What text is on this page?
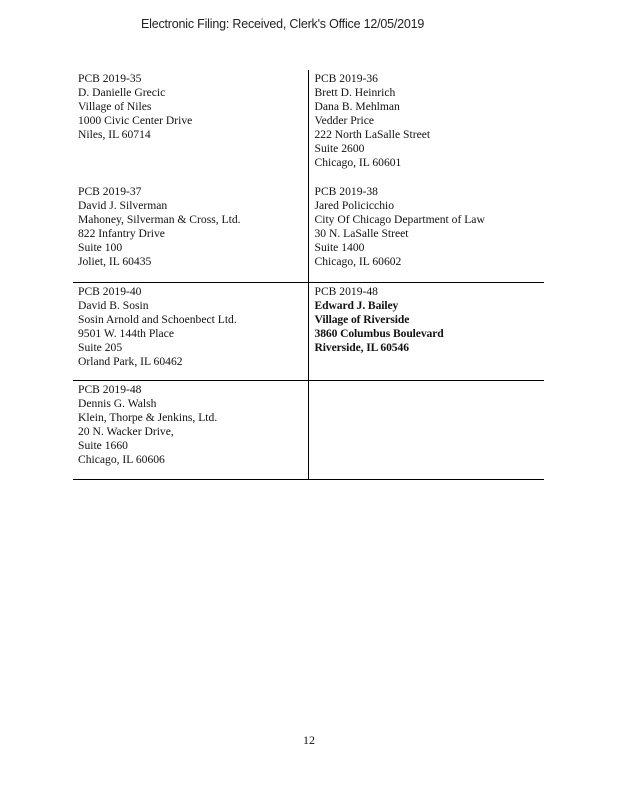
Electronic Filing: Received, Clerk's Office 12/05/2019
PCB 2019-35
D. Danielle Grecic
Village of Niles
1000 Civic Center Drive
Niles, IL 60714
PCB 2019-36
Brett D. Heinrich
Dana B. Mehlman
Vedder Price
222 North LaSalle Street
Suite 2600
Chicago, IL 60601
PCB 2019-37
David J. Silverman
Mahoney, Silverman & Cross, Ltd.
822 Infantry Drive
Suite 100
Joliet, IL 60435
PCB 2019-38
Jared Policicchio
City Of Chicago Department of Law
30 N. LaSalle Street
Suite 1400
Chicago, IL 60602
PCB 2019-40
David B. Sosin
Sosin Arnold and Schoenbect Ltd.
9501 W. 144th Place
Suite 205
Orland Park, IL 60462
PCB 2019-48
Edward J. Bailey
Village of Riverside
3860 Columbus Boulevard
Riverside, IL 60546
PCB 2019-48
Dennis G. Walsh
Klein, Thorpe & Jenkins, Ltd.
20 N. Wacker Drive,
Suite 1660
Chicago, IL 60606
12
